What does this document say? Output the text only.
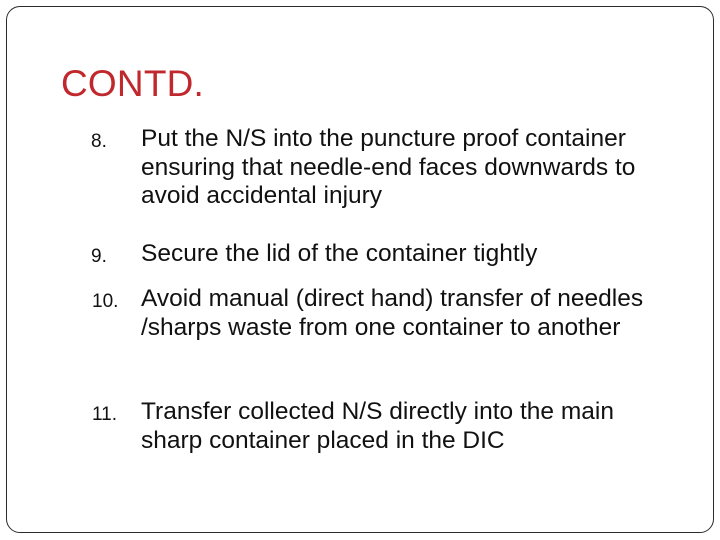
CONTD.
8. Put the N/S into the puncture proof container ensuring that needle-end faces downwards to avoid accidental injury
9. Secure the lid of the container tightly
10. Avoid manual (direct hand) transfer of needles /sharps waste from one container to another
11. Transfer collected N/S directly into the main sharp container placed in the DIC
